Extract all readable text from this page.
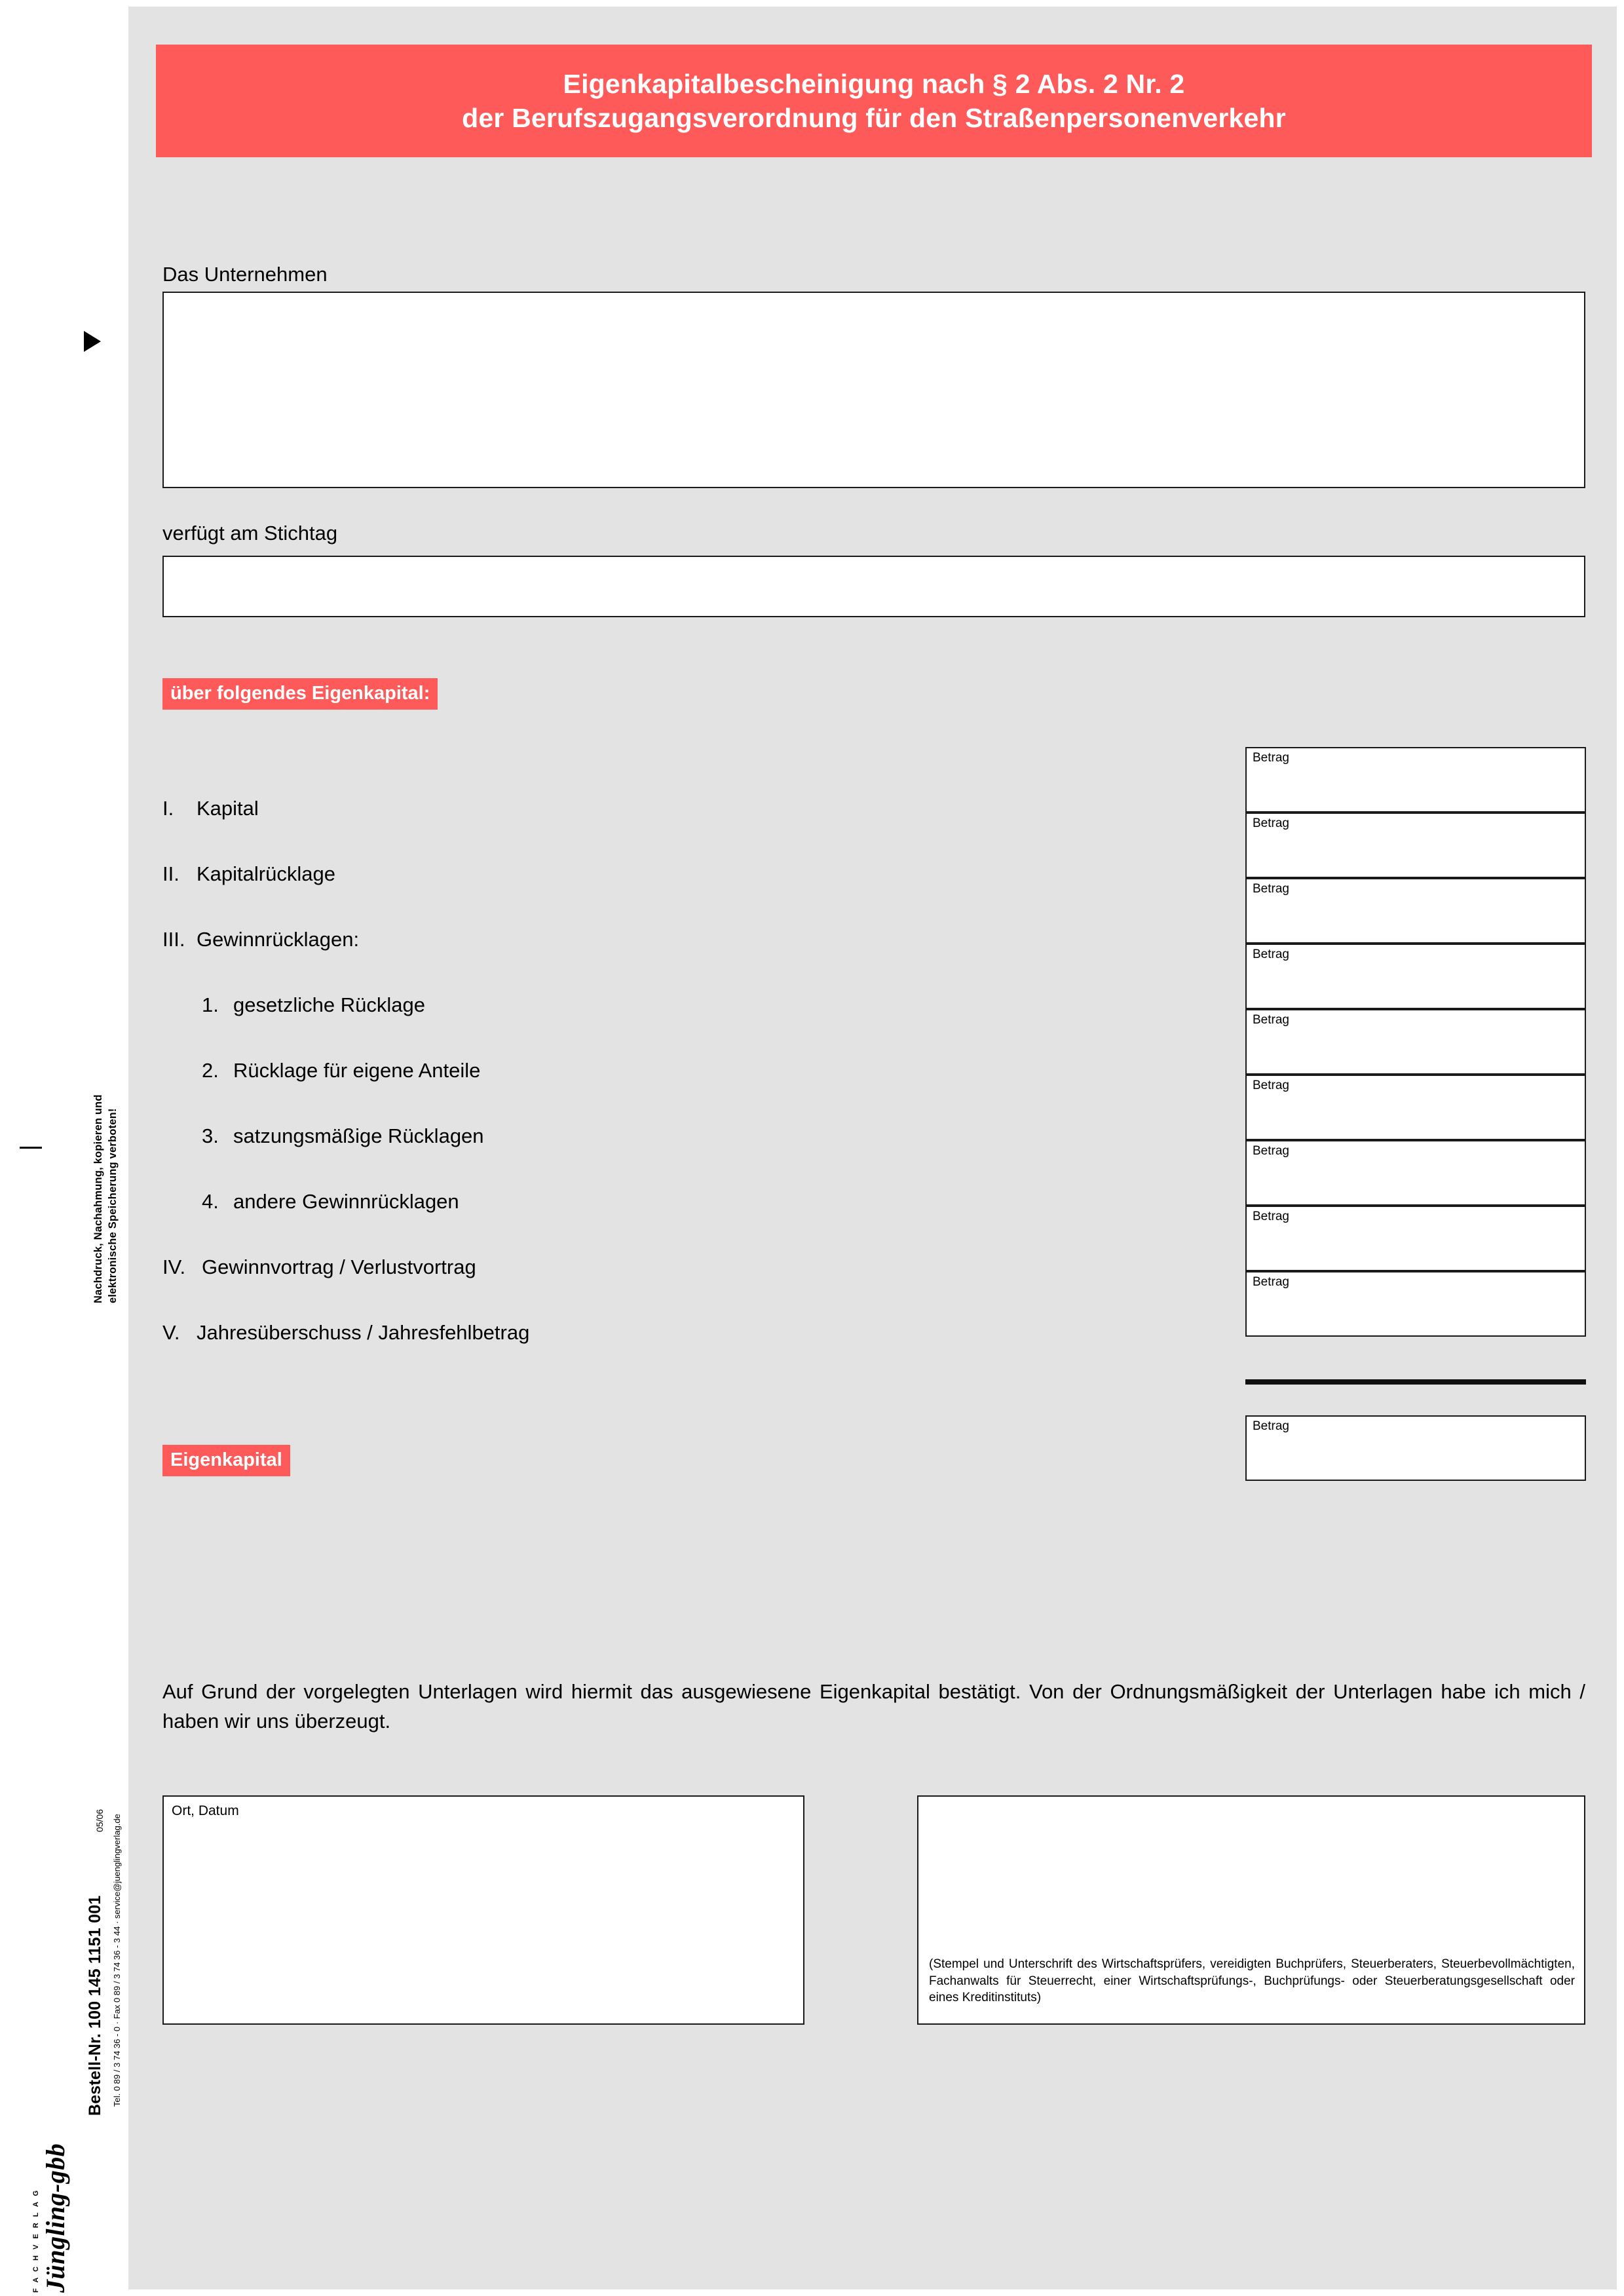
Eigenkapitalbescheinigung nach § 2 Abs. 2 Nr. 2
der Berufszugangsverordnung für den Straßenpersonenverkehr
Nachdruck, Nachahmung, kopieren und elektronische Speicherung verboten!
Bestell-Nr. 100 145 1151 001 Tel. 0 89 / 3 74 36 - 0 · Fax 0 89 / 3 74 36 - 3 44 · service@juenglingverlag.de
05/06
F A C H V E R L A G Jüngling-gbb
Das Unternehmen
verfügt am Stichtag
über folgendes Eigenkapital:
I. Kapital
II. Kapitalrücklage
III. Gewinnrücklagen:
1. gesetzliche Rücklage
2. Rücklage für eigene Anteile
3. satzungsmäßige Rücklagen
4. andere Gewinnrücklagen
IV. Gewinnvortrag / Verlustvortrag
V. Jahresüberschuss / Jahresfehlbetrag
Betrag
Betrag
Betrag
Betrag
Betrag
Betrag
Betrag
Betrag
Betrag
Eigenkapital
Betrag
Auf Grund der vorgelegten Unterlagen wird hiermit das ausgewiesene Eigenkapital bestätigt. Von der Ordnungsmäßigkeit der Unterlagen habe ich mich / haben wir uns überzeugt.
Ort, Datum
(Stempel und Unterschrift des Wirtschaftsprüfers, vereidigten Buchprüfers, Steuerberaters, Steuerbevollmächtigten, Fachanwalts für Steuerrecht, einer Wirtschaftsprüfungs-, Buchprüfungs- oder Steuerberatungsgesellschaft oder eines Kreditinstituts)
